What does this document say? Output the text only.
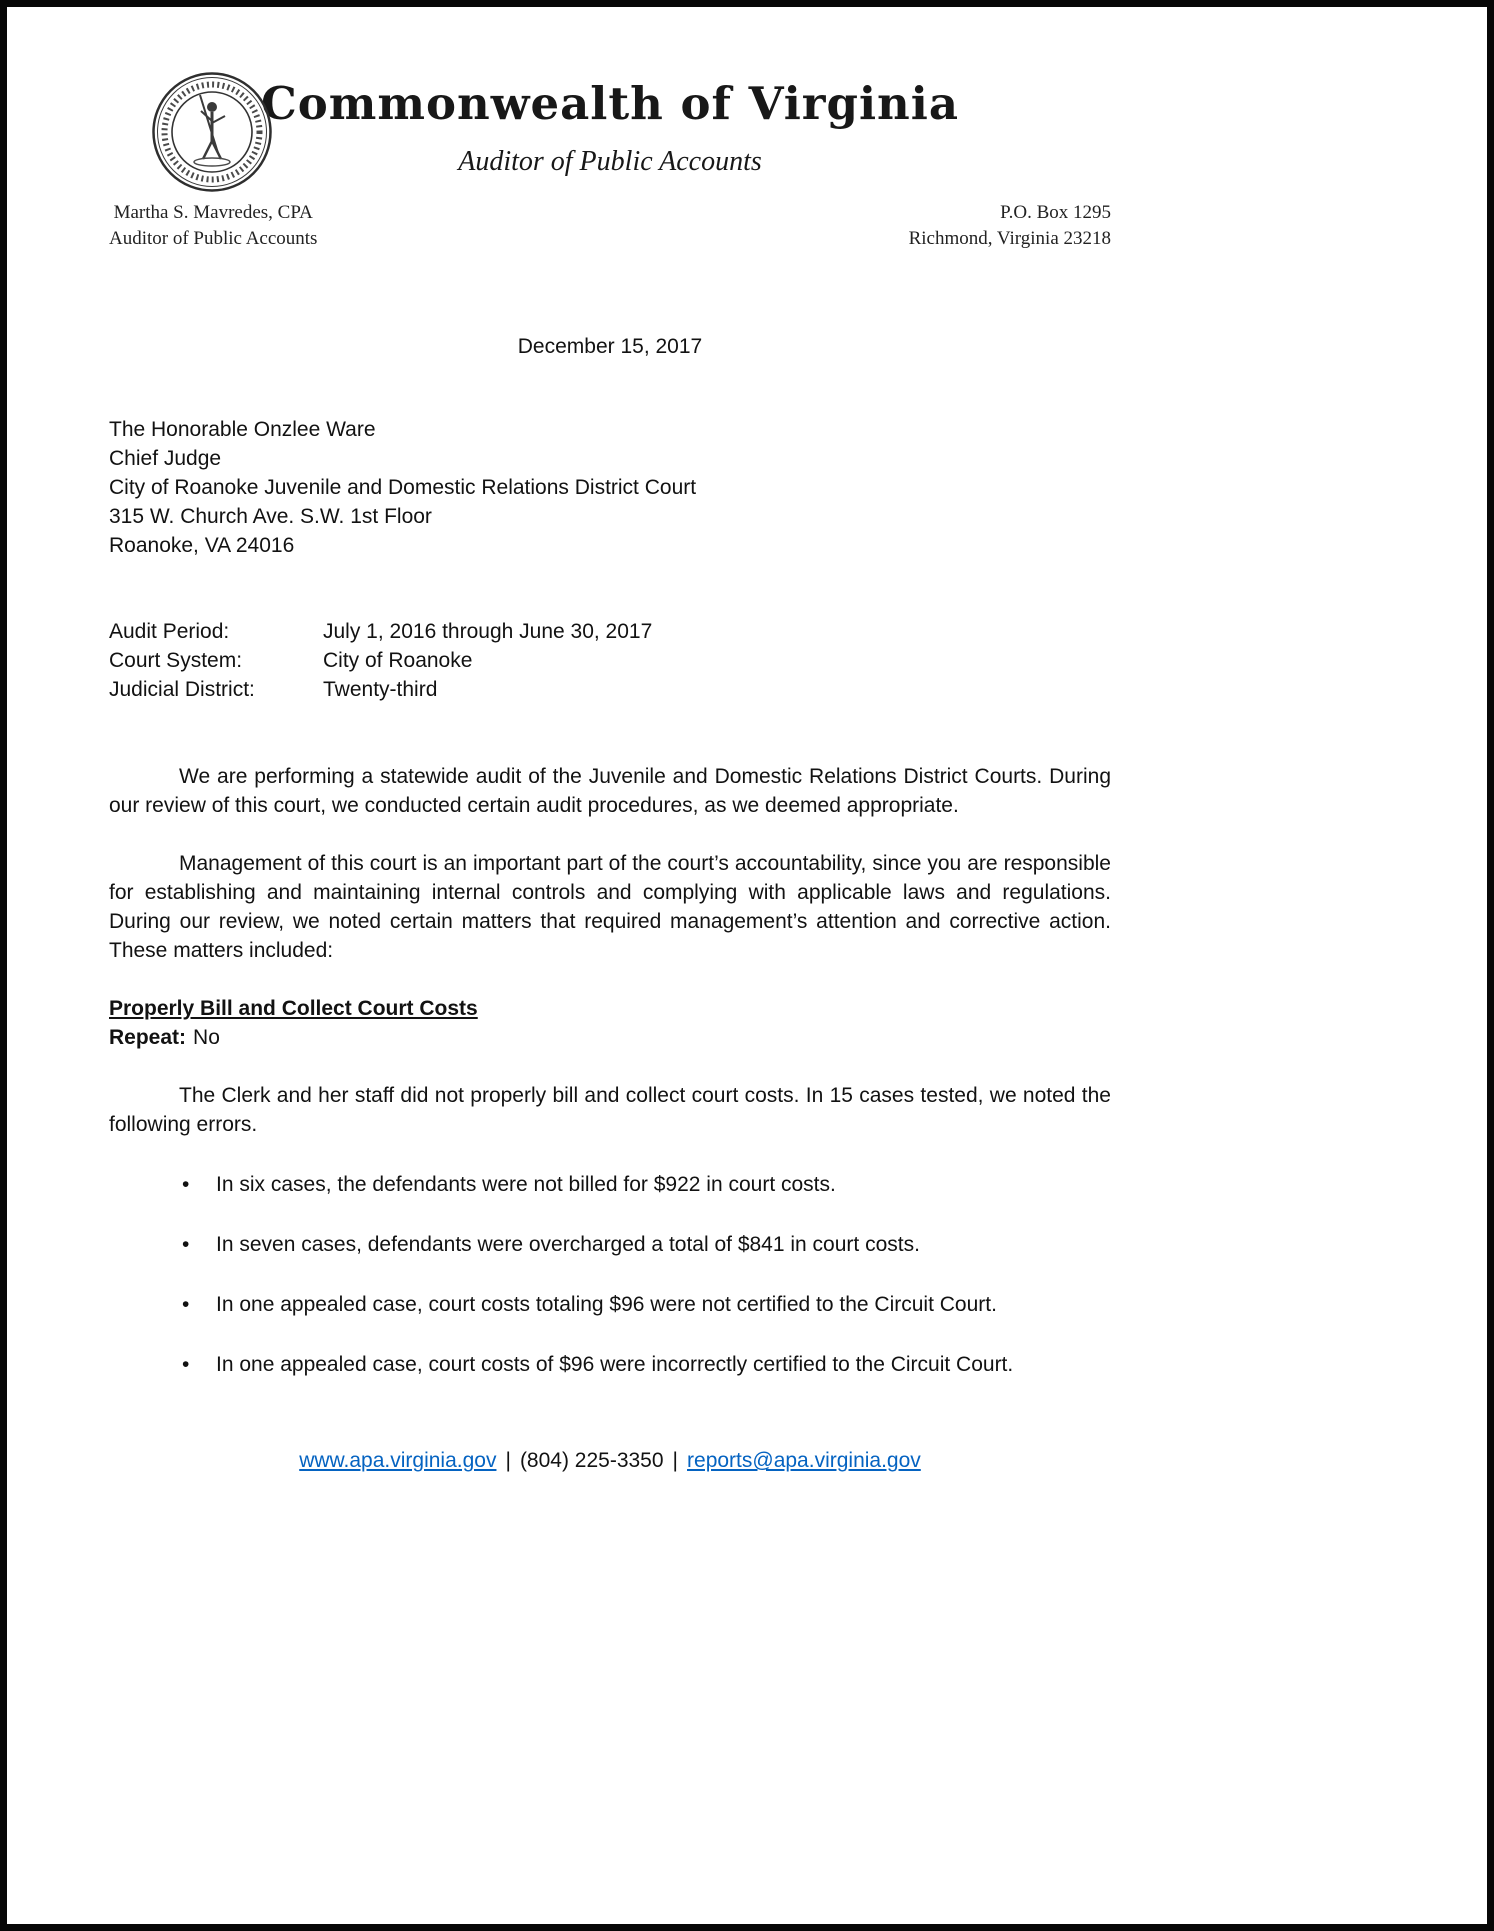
Commonwealth of Virginia
Auditor of Public Accounts
Martha S. Mavredes, CPA
Auditor of Public Accounts
P.O. Box 1295
Richmond, Virginia 23218
December 15, 2017
The Honorable Onzlee Ware
Chief Judge
City of Roanoke Juvenile and Domestic Relations District Court
315 W. Church Ave. S.W. 1st Floor
Roanoke, VA 24016
Audit Period:	July 1, 2016 through June 30, 2017
Court System:	City of Roanoke
Judicial District:	Twenty-third

We are performing a statewide audit of the Juvenile and Domestic Relations District Courts. During our review of this court, we conducted certain audit procedures, as we deemed appropriate.

Management of this court is an important part of the court’s accountability, since you are responsible for establishing and maintaining internal controls and complying with applicable laws and regulations. During our review, we noted certain matters that required management’s attention and corrective action. These matters included:

Properly Bill and Collect Court Costs
Repeat: No

The Clerk and her staff did not properly bill and collect court costs. In 15 cases tested, we noted the following errors.

•	In six cases, the defendants were not billed for $922 in court costs.
•	In seven cases, defendants were overcharged a total of $841 in court costs.
•	In one appealed case, court costs totaling $96 were not certified to the Circuit Court.
•	In one appealed case, court costs of $96 were incorrectly certified to the Circuit Court.
www.apa.virginia.gov | (804) 225-3350 | reports@apa.virginia.gov
